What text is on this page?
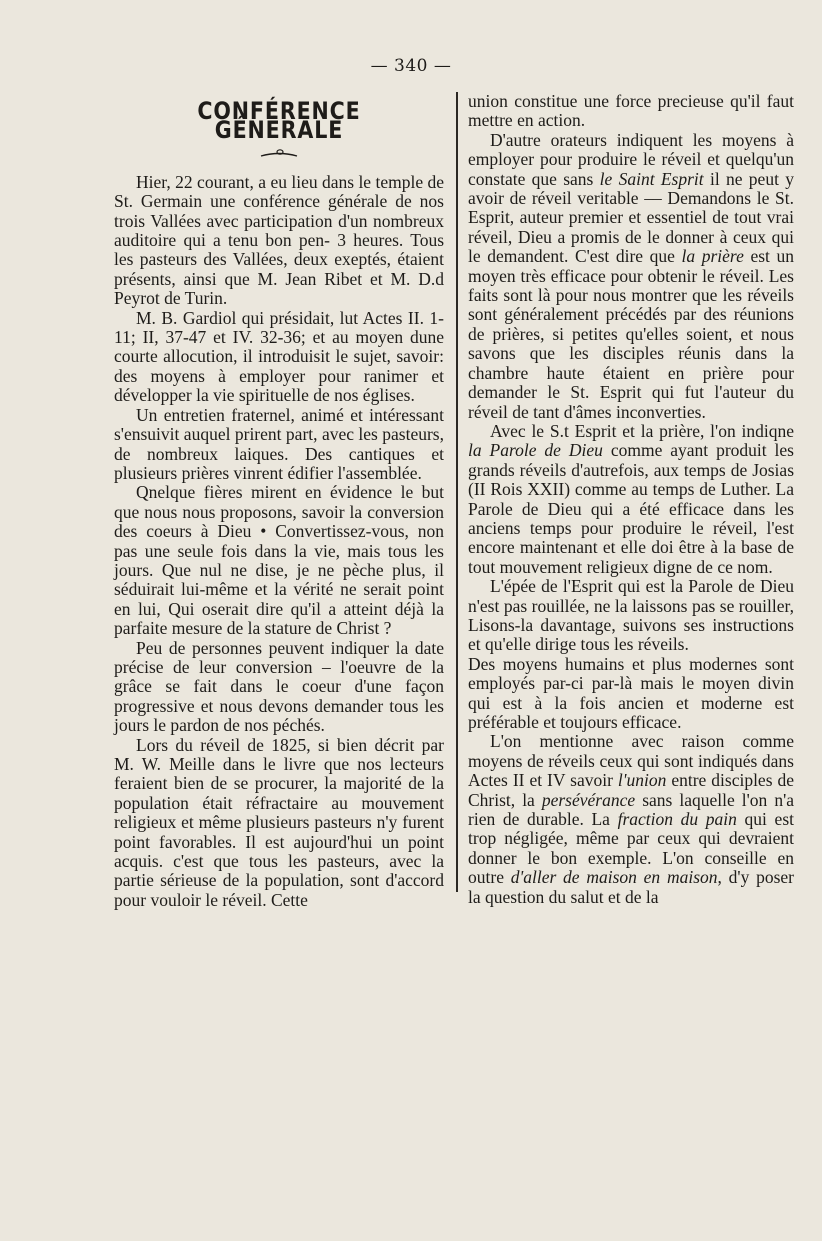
— 340 —
CONFÉRENCE GÉNÉRALE

Hier, 22 courant, a eu lieu dans le temple de St. Germain une conférence générale de nos trois Vallées avec participation d'un nombreux auditoire qui a tenu bon pen- 3 heures. Tous les pasteurs des Vallées, deux exeptés, étaient présents, ainsi que M. Jean Ribet et M. D.d Peyrot de Turin.

M. B. Gardiol qui présidait, lut Actes II. 1-11; II, 37-47 et IV. 32-36; et au moyen dune courte allocution, il introduisit le sujet, savoir: des moyens à employer pour ranimer et développer la vie spirituelle de nos églises.

Un entretien fraternel, animé et intéressant s'ensuivit auquel prirent part, avec les pasteurs, de nombreux laiques. Des cantiques et plusieurs prières vinrent édifier l'assemblée.

Qnelque fières mirent en évidence le but que nous nous proposons, savoir la conversion des coeurs à Dieu • Convertissez-vous, non pas une seule fois dans la vie, mais tous les jours. Que nul ne dise, je ne pèche plus, il séduirait lui-même et la vérité ne serait point en lui, Qui oserait dire qu'il a atteint déjà la parfaite mesure de la stature de Christ ?

Peu de personnes peuvent indiquer la date précise de leur conversion – l'oeuvre de la grâce se fait dans le coeur d'une façon progressive et nous devons demander tous les jours le pardon de nos péchés.

Lors du réveil de 1825, si bien décrit par M. W. Meille dans le livre que nos lecteurs feraient bien de se procurer, la majorité de la population était réfractaire au mouvement religieux et même plusieurs pasteurs n'y furent point favorables. Il est aujourd'hui un point acquis. c'est que tous les pasteurs, avec la partie sérieuse de la population, sont d'accord pour vouloir le réveil. Cette

union constitue une force precieuse qu'il faut mettre en action.

D'autre orateurs indiquent les moyens à employer pour produire le réveil et quelqu'un constate que sans le Saint Esprit il ne peut y avoir de réveil veritable –– Demandons le St. Esprit, auteur premier et essentiel de tout vrai réveil, Dieu a promis de le donner à ceux qui le demandent. C'est dire que la prière est un moyen très efficace pour obtenir le réveil. Les faits sont là pour nous montrer que les réveils sont généralement précédés par des réunions de prières, si petites qu'elles soient, et nous savons que les disciples réunis dans la chambre haute étaient en prière pour demander le St. Esprit qui fut l'auteur du réveil de tant d'âmes inconverties.

Avec le S.t Esprit et la prière, l'on indiqne la Parole de Dieu comme ayant produit les grands réveils d'autrefois, aux temps de Josias (II Rois XXII) comme au temps de Luther. La Parole de Dieu qui a été efficace dans les anciens temps pour produire le réveil, l'est encore maintenant et elle doi être à la base de tout mouvement religieux digne de ce nom.

L'épée de l'Esprit qui est la Parole de Dieu n'est pas rouillée, ne la laissons pas se rouiller, Lisons-la davantage, suivons ses instructions et qu'elle dirige tous les réveils.

Des moyens humains et plus modernes sont employés par-ci par-là mais le moyen divin qui est à la fois ancien et moderne est préférable et toujours efficace.

L'on mentionne avec raison comme moyens de réveils ceux qui sont indiqués dans Actes II et IV savoir l'union entre disciples de Christ, la persévérance sans laquelle l'on n'a rien de durable. La fraction du pain qui est trop négligée, même par ceux qui devraient donner le bon exemple. L'on conseille en outre d'aller de maison en maison, d'y poser la question du salut et de la
